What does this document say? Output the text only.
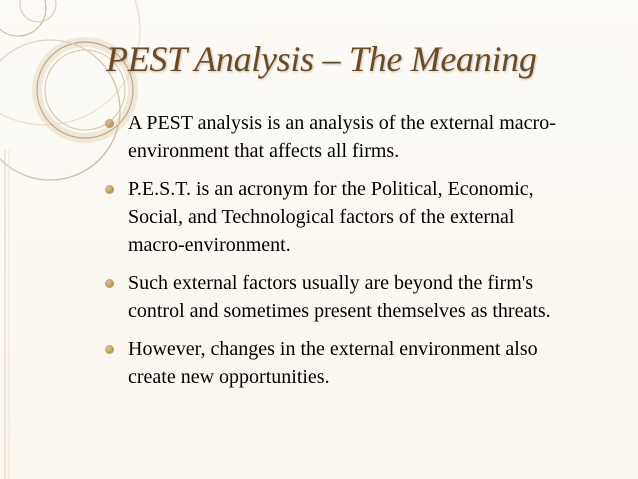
PEST Analysis – The Meaning
A PEST analysis is an analysis of the external macro-
environment that affects all firms.
P.E.S.T. is an acronym for the Political, Economic,
Social, and Technological factors of the external
macro-environment.
Such external factors usually are beyond the firm's
control and sometimes present themselves as threats.
However, changes in the external environment also
create new opportunities.
